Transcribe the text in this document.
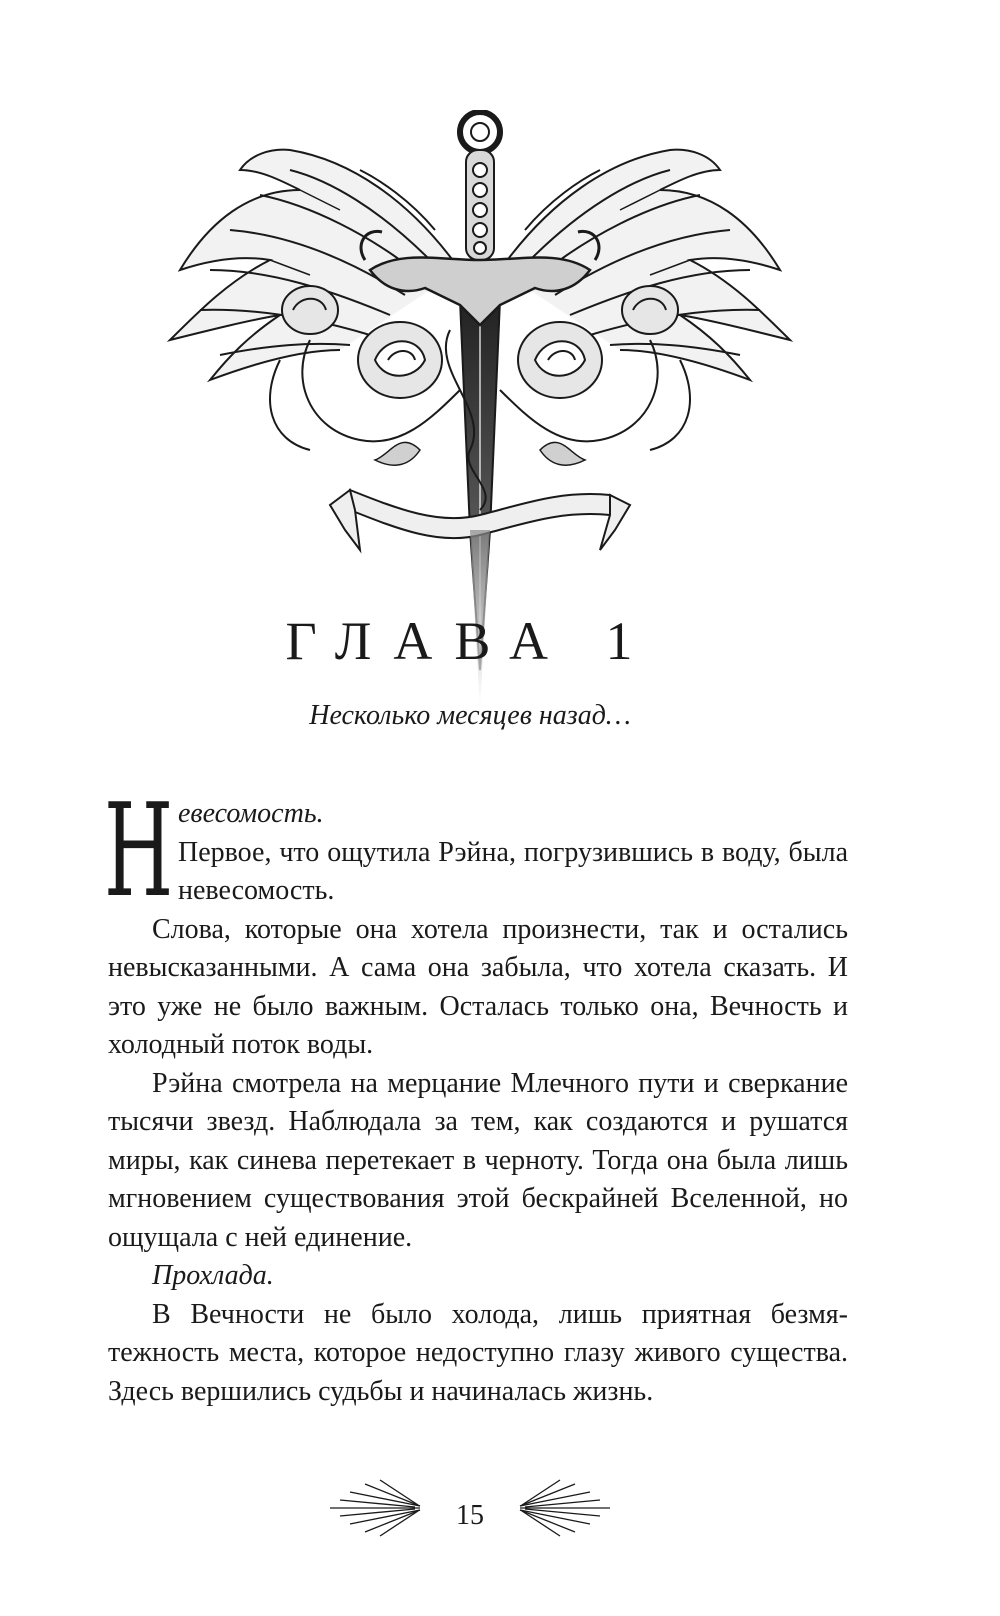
ГЛАВА 1
Несколько месяцев назад…

Невесомость.
Первое, что ощутила Рэйна, погрузившись в воду, была невесомость.

Слова, которые она хотела произнести, так и остались невысказанными. А сама она забыла, что хотела сказать. И это уже не было важным. Осталась только она, Вечность и холодный поток воды.

Рэйна смотрела на мерцание Млечного пути и сверкание тысячи звезд. Наблюдала за тем, как создаются и рушатся миры, как синева перетекает в черноту. Тогда она была лишь мгновением существования этой бескрайней Вселенной, но ощущала с ней единение.

Прохлада.

В Вечности не было холода, лишь приятная безмятежность места, которое недоступно глазу живого существа. Здесь вершились судьбы и начиналась жизнь.

15
